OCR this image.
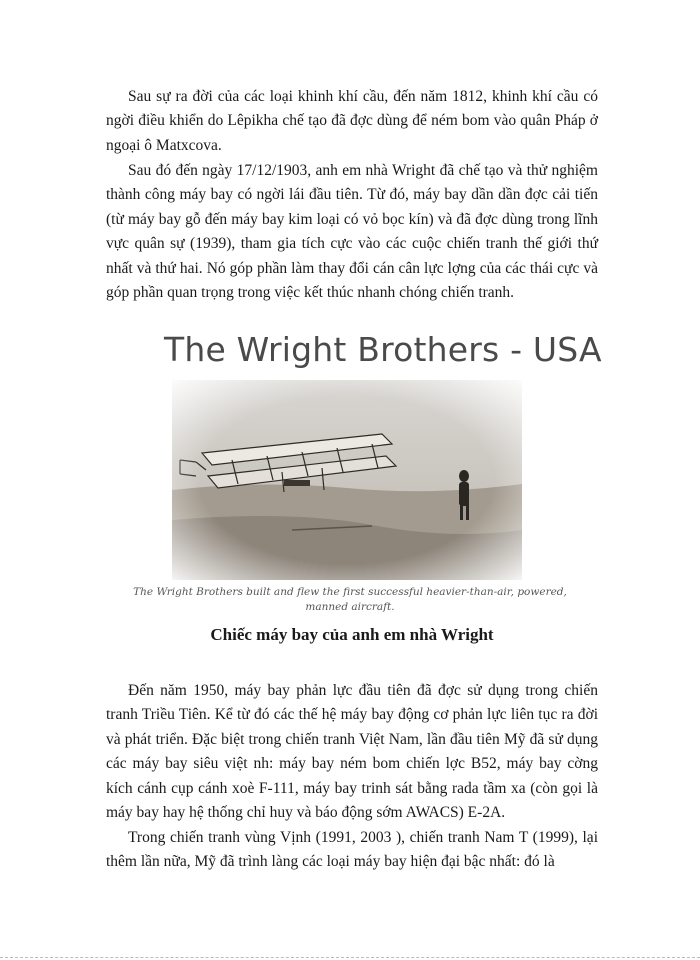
Sau sự ra đời của các loại khinh khí cầu, đến năm 1812, khinh khí cầu có ngời điều khiển do Lêpikha chế tạo đã đợc dùng để ném bom vào quân Pháp ở ngoại ô Matxcova.

Sau đó đến ngày 17/12/1903, anh em nhà Wright đã chế tạo và thử nghiệm thành công máy bay có ngời lái đầu tiên. Từ đó, máy bay dần dần đợc cải tiến (từ máy bay gỗ đến máy bay kim loại có vỏ bọc kín) và đã đợc dùng trong lĩnh vực quân sự (1939), tham gia tích cực vào các cuộc chiến tranh thế giới thứ nhất và thứ hai. Nó góp phần làm thay đổi cán cân lực lợng của các thái cực và góp phần quan trọng trong việc kết thúc nhanh chóng chiến tranh.

The Wright Brothers - USA
The Wright Brothers built and flew the first successful heavier-than-air, powered, manned aircraft.
Chiếc máy bay của anh em nhà Wright

Đến năm 1950, máy bay phản lực đầu tiên đã đợc sử dụng trong chiến tranh Triều Tiên. Kể từ đó các thế hệ máy bay động cơ phản lực liên tục ra đời và phát triển. Đặc biệt trong chiến tranh Việt Nam, lần đầu tiên Mỹ đã sử dụng các máy bay siêu việt nh: máy bay ném bom chiến lợc B52, máy bay cờng kích cánh cụp cánh xoè F-111, máy bay trinh sát bằng rada tầm xa (còn gọi là máy bay hay hệ thống chỉ huy và báo động sớm AWACS) E-2A.

Trong chiến tranh vùng Vịnh (1991, 2003 ), chiến tranh Nam T (1999), lại thêm lần nữa, Mỹ đã trình làng các loại máy bay hiện đại bậc nhất: đó là
